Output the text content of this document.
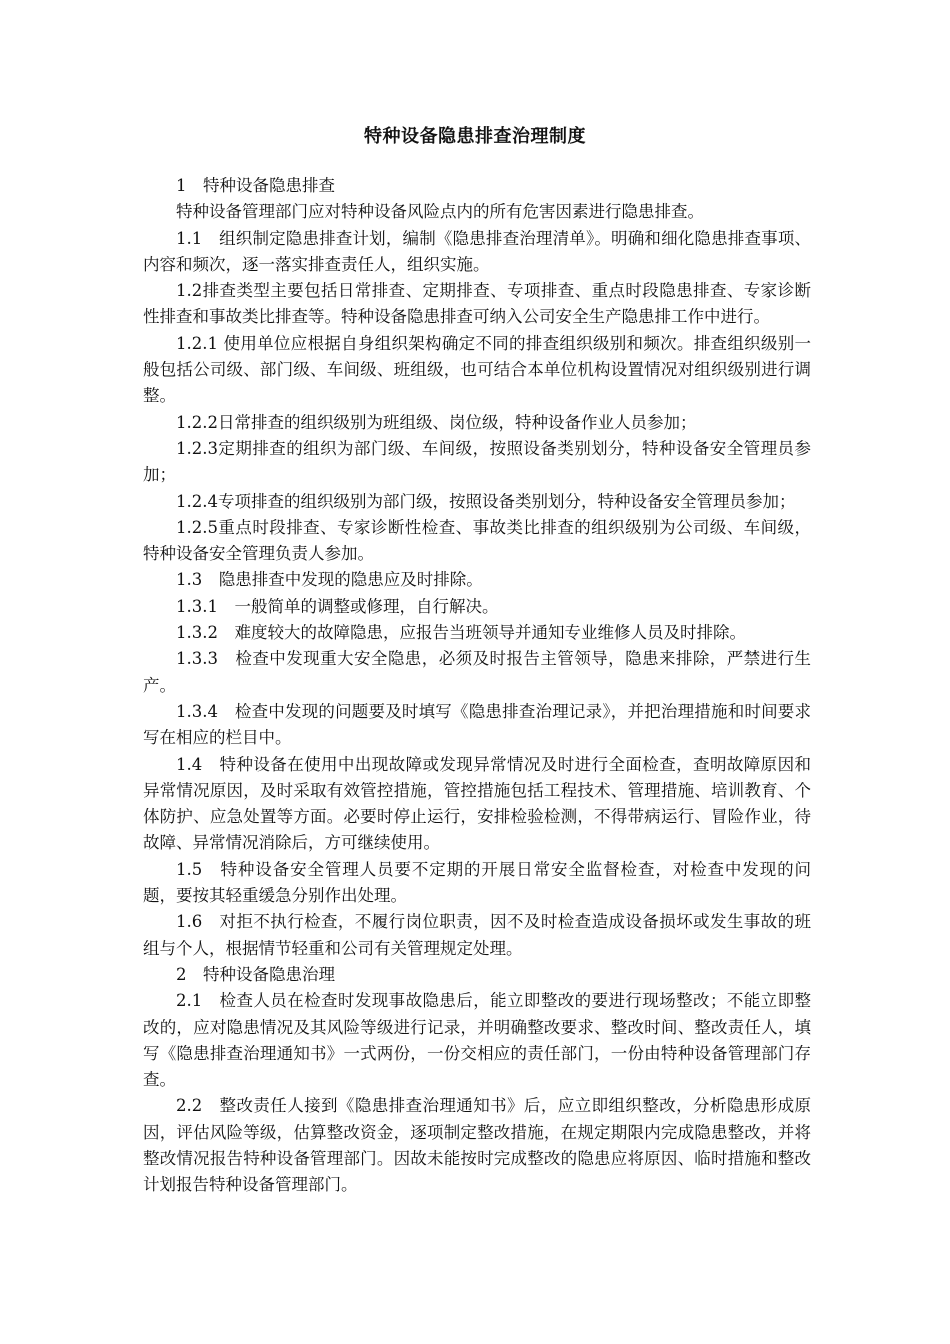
特种设备隐患排查治理制度

1　特种设备隐患排查

特种设备管理部门应对特种设备风险点内的所有危害因素进行隐患排查。

1.1　组织制定隐患排查计划，编制《隐患排查治理清单》。明确和细化隐患排查事项、内容和频次，逐一落实排查责任人，组织实施。

1.2排查类型主要包括日常排查、定期排查、专项排查、重点时段隐患排查、专家诊断性排查和事故类比排查等。特种设备隐患排查可纳入公司安全生产隐患排工作中进行。

1.2.1 使用单位应根据自身组织架构确定不同的排查组织级别和频次。排查组织级别一般包括公司级、部门级、车间级、班组级，也可结合本单位机构设置情况对组织级别进行调整。

1.2.2日常排查的组织级别为班组级、岗位级，特种设备作业人员参加；

1.2.3定期排查的组织为部门级、车间级，按照设备类别划分，特种设备安全管理员参加；

1.2.4专项排查的组织级别为部门级，按照设备类别划分，特种设备安全管理员参加；

1.2.5重点时段排查、专家诊断性检查、事故类比排查的组织级别为公司级、车间级，特种设备安全管理负责人参加。

1.3　隐患排查中发现的隐患应及时排除。

1.3.1　一般简单的调整或修理，自行解决。

1.3.2　难度较大的故障隐患，应报告当班领导并通知专业维修人员及时排除。

1.3.3　检查中发现重大安全隐患，必须及时报告主管领导，隐患来排除，严禁进行生产。

1.3.4　检查中发现的问题要及时填写《隐患排查治理记录》，并把治理措施和时间要求写在相应的栏目中。

1.4　特种设备在使用中出现故障或发现异常情况及时进行全面检查，查明故障原因和异常情况原因，及时采取有效管控措施，管控措施包括工程技术、管理措施、培训教育、个体防护、应急处置等方面。必要时停止运行，安排检验检测，不得带病运行、冒险作业，待故障、异常情况消除后，方可继续使用。

1.5　特种设备安全管理人员要不定期的开展日常安全监督检查，对检查中发现的问题，要按其轻重缓急分别作出处理。

1.6　对拒不执行检查，不履行岗位职责，因不及时检查造成设备损坏或发生事故的班组与个人，根据情节轻重和公司有关管理规定处理。

2　特种设备隐患治理

2.1　检查人员在检查时发现事故隐患后，能立即整改的要进行现场整改；不能立即整改的，应对隐患情况及其风险等级进行记录，并明确整改要求、整改时间、整改责任人，填写《隐患排查治理通知书》一式两份，一份交相应的责任部门，一份由特种设备管理部门存查。

2.2　整改责任人接到《隐患排查治理通知书》后，应立即组织整改，分析隐患形成原因，评估风险等级，估算整改资金，逐项制定整改措施，在规定期限内完成隐患整改，并将整改情况报告特种设备管理部门。因故未能按时完成整改的隐患应将原因、临时措施和整改计划报告特种设备管理部门。
